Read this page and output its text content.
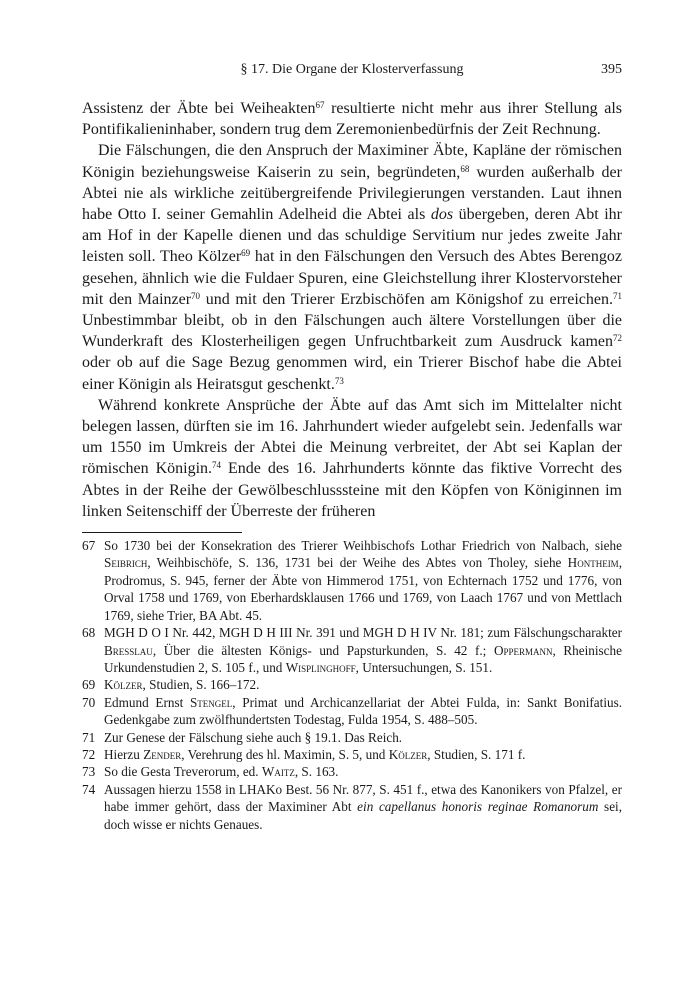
§ 17. Die Organe der Klosterverfassung	395

Assistenz der Äbte bei Weiheakten$^{67}$ resultierte nicht mehr aus ihrer Stellung als Pontifikalieninhaber, sondern trug dem Zeremonienbedürfnis der Zeit Rechnung.

Die Fälschungen, die den Anspruch der Maximiner Äbte, Kapläne der römischen Königin beziehungsweise Kaiserin zu sein, begründeten,$^{68}$ wurden außerhalb der Abtei nie als wirkliche zeitübergreifende Privilegierungen verstanden. Laut ihnen habe Otto I. seiner Gemahlin Adelheid die Abtei als dos übergeben, deren Abt ihr am Hof in der Kapelle dienen und das schuldige Servitium nur jedes zweite Jahr leisten soll. Theo Kölzer$^{69}$ hat in den Fälschungen den Versuch des Abtes Berengoz gesehen, ähnlich wie die Fuldaer Spuren, eine Gleichstellung ihrer Klostervorsteher mit den Mainzer$^{70}$ und mit den Trierer Erzbischöfen am Königshof zu erreichen.$^{71}$ Unbestimmbar bleibt, ob in den Fälschungen auch ältere Vorstellungen über die Wunderkraft des Klosterheiligen gegen Unfruchtbarkeit zum Ausdruck kamen$^{72}$ oder ob auf die Sage Bezug genommen wird, ein Trierer Bischof habe die Abtei einer Königin als Heiratsgut geschenkt.$^{73}$

Während konkrete Ansprüche der Äbte auf das Amt sich im Mittelalter nicht belegen lassen, dürften sie im 16. Jahrhundert wieder aufgelebt sein. Jedenfalls war um 1550 im Umkreis der Abtei die Meinung verbreitet, der Abt sei Kaplan der römischen Königin.$^{74}$ Ende des 16. Jahrhunderts könnte das fiktive Vorrecht des Abtes in der Reihe der Gewölbeschlusssteine mit den Köpfen von Königinnen im linken Seitenschiff der Überreste der früheren

67 So 1730 bei der Konsekration des Trierer Weihbischofs Lothar Friedrich von Nalbach, siehe Seibrich, Weihbischöfe, S. 136, 1731 bei der Weihe des Abtes von Tholey, siehe Hontheim, Prodromus, S. 945, ferner der Äbte von Himmerod 1751, von Echternach 1752 und 1776, von Orval 1758 und 1769, von Eberhardsklausen 1766 und 1769, von Laach 1767 und von Mettlach 1769, siehe Trier, BA Abt. 45.

68 MGH D O I Nr. 442, MGH D H III Nr. 391 und MGH D H IV Nr. 181; zum Fälschungscharakter Bresslau, Über die ältesten Königs- und Papsturkunden, S. 42 f.; Oppermann, Rheinische Urkundenstudien 2, S. 105 f., und Wisplinghoff, Untersuchungen, S. 151.

69 Kölzer, Studien, S. 166–172.

70 Edmund Ernst Stengel, Primat und Archicanzellariat der Abtei Fulda, in: Sankt Bonifatius. Gedenkgabe zum zwölfhundertsten Todestag, Fulda 1954, S. 488–505.

71 Zur Genese der Fälschung siehe auch § 19.1. Das Reich.

72 Hierzu Zender, Verehrung des hl. Maximin, S. 5, und Kölzer, Studien, S. 171 f.

73 So die Gesta Treverorum, ed. Waitz, S. 163.

74 Aussagen hierzu 1558 in LHAKo Best. 56 Nr. 877, S. 451 f., etwa des Kanonikers von Pfalzel, er habe immer gehört, dass der Maximiner Abt ein capellanus honoris reginae Romanorum sei, doch wisse er nichts Genaues.
